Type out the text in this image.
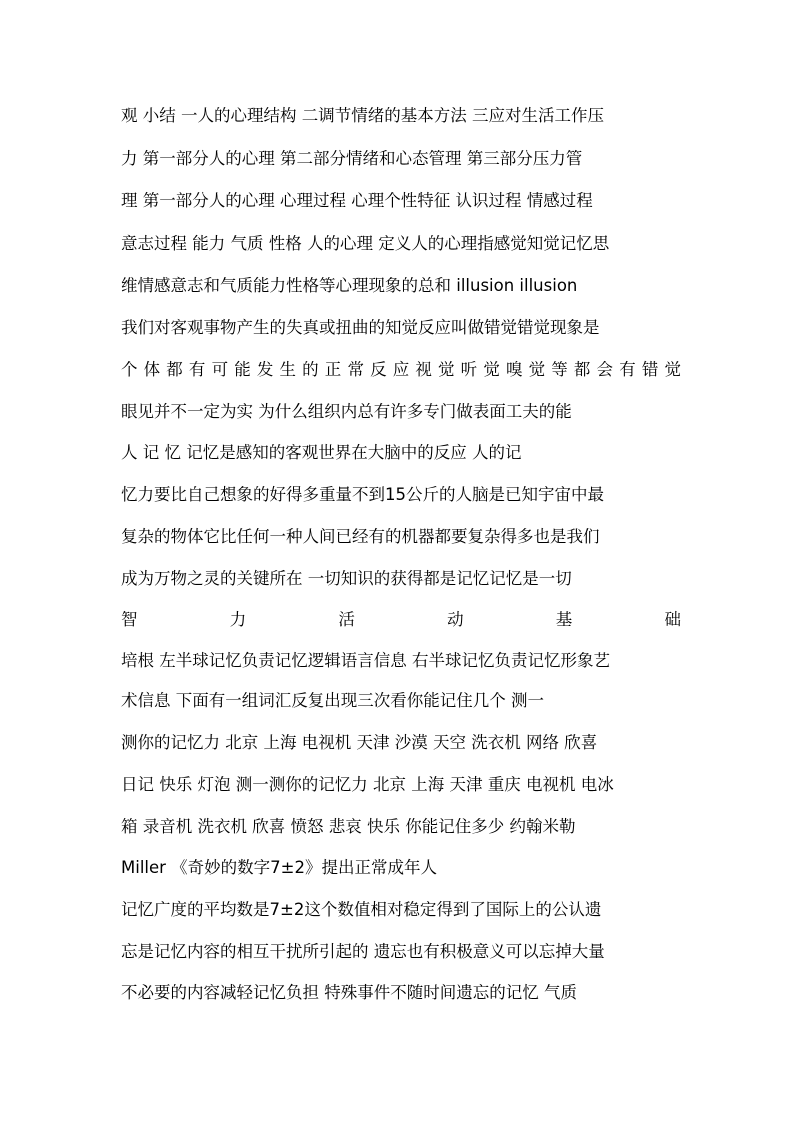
观 小结 一人的心理结构 二调节情绪的基本方法 三应对生活工作压
力 第一部分人的心理 第二部分情绪和心态管理 第三部分压力管
理 第一部分人的心理 心理过程 心理个性特征 认识过程 情感过程
意志过程 能力 气质 性格 人的心理 定义人的心理指感觉知觉记忆思
维情感意志和气质能力性格等心理现象的总和 illusion illusion
我们对客观事物产生的失真或扭曲的知觉反应叫做错觉错觉现象是
个体都有可能发生的正常反应视觉听觉嗅觉等都会有错觉
眼见并不一定为实 为什么组织内总有许多专门做表面工夫的能
人 记 忆 记忆是感知的客观世界在大脑中的反应 人的记
忆力要比自己想象的好得多重量不到15公斤的人脑是已知宇宙中最
复杂的物体它比任何一种人间已经有的机器都要复杂得多也是我们
成为万物之灵的关键所在 一切知识的获得都是记忆记忆是一切
智 力 活 动 基 础
培根 左半球记忆负责记忆逻辑语言信息 右半球记忆负责记忆形象艺
术信息 下面有一组词汇反复出现三次看你能记住几个 测一
测你的记忆力 北京 上海 电视机 天津 沙漠 天空 洗衣机 网络 欣喜
日记 快乐 灯泡 测一测你的记忆力 北京 上海 天津 重庆 电视机 电冰
箱 录音机 洗衣机 欣喜 愤怒 悲哀 快乐 你能记住多少 约翰米勒
Miller 《奇妙的数字7±2》提出正常成年人
记忆广度的平均数是7±2这个数值相对稳定得到了国际上的公认遗
忘是记忆内容的相互干扰所引起的 遗忘也有积极意义可以忘掉大量
不必要的内容减轻记忆负担 特殊事件不随时间遗忘的记忆 气质
